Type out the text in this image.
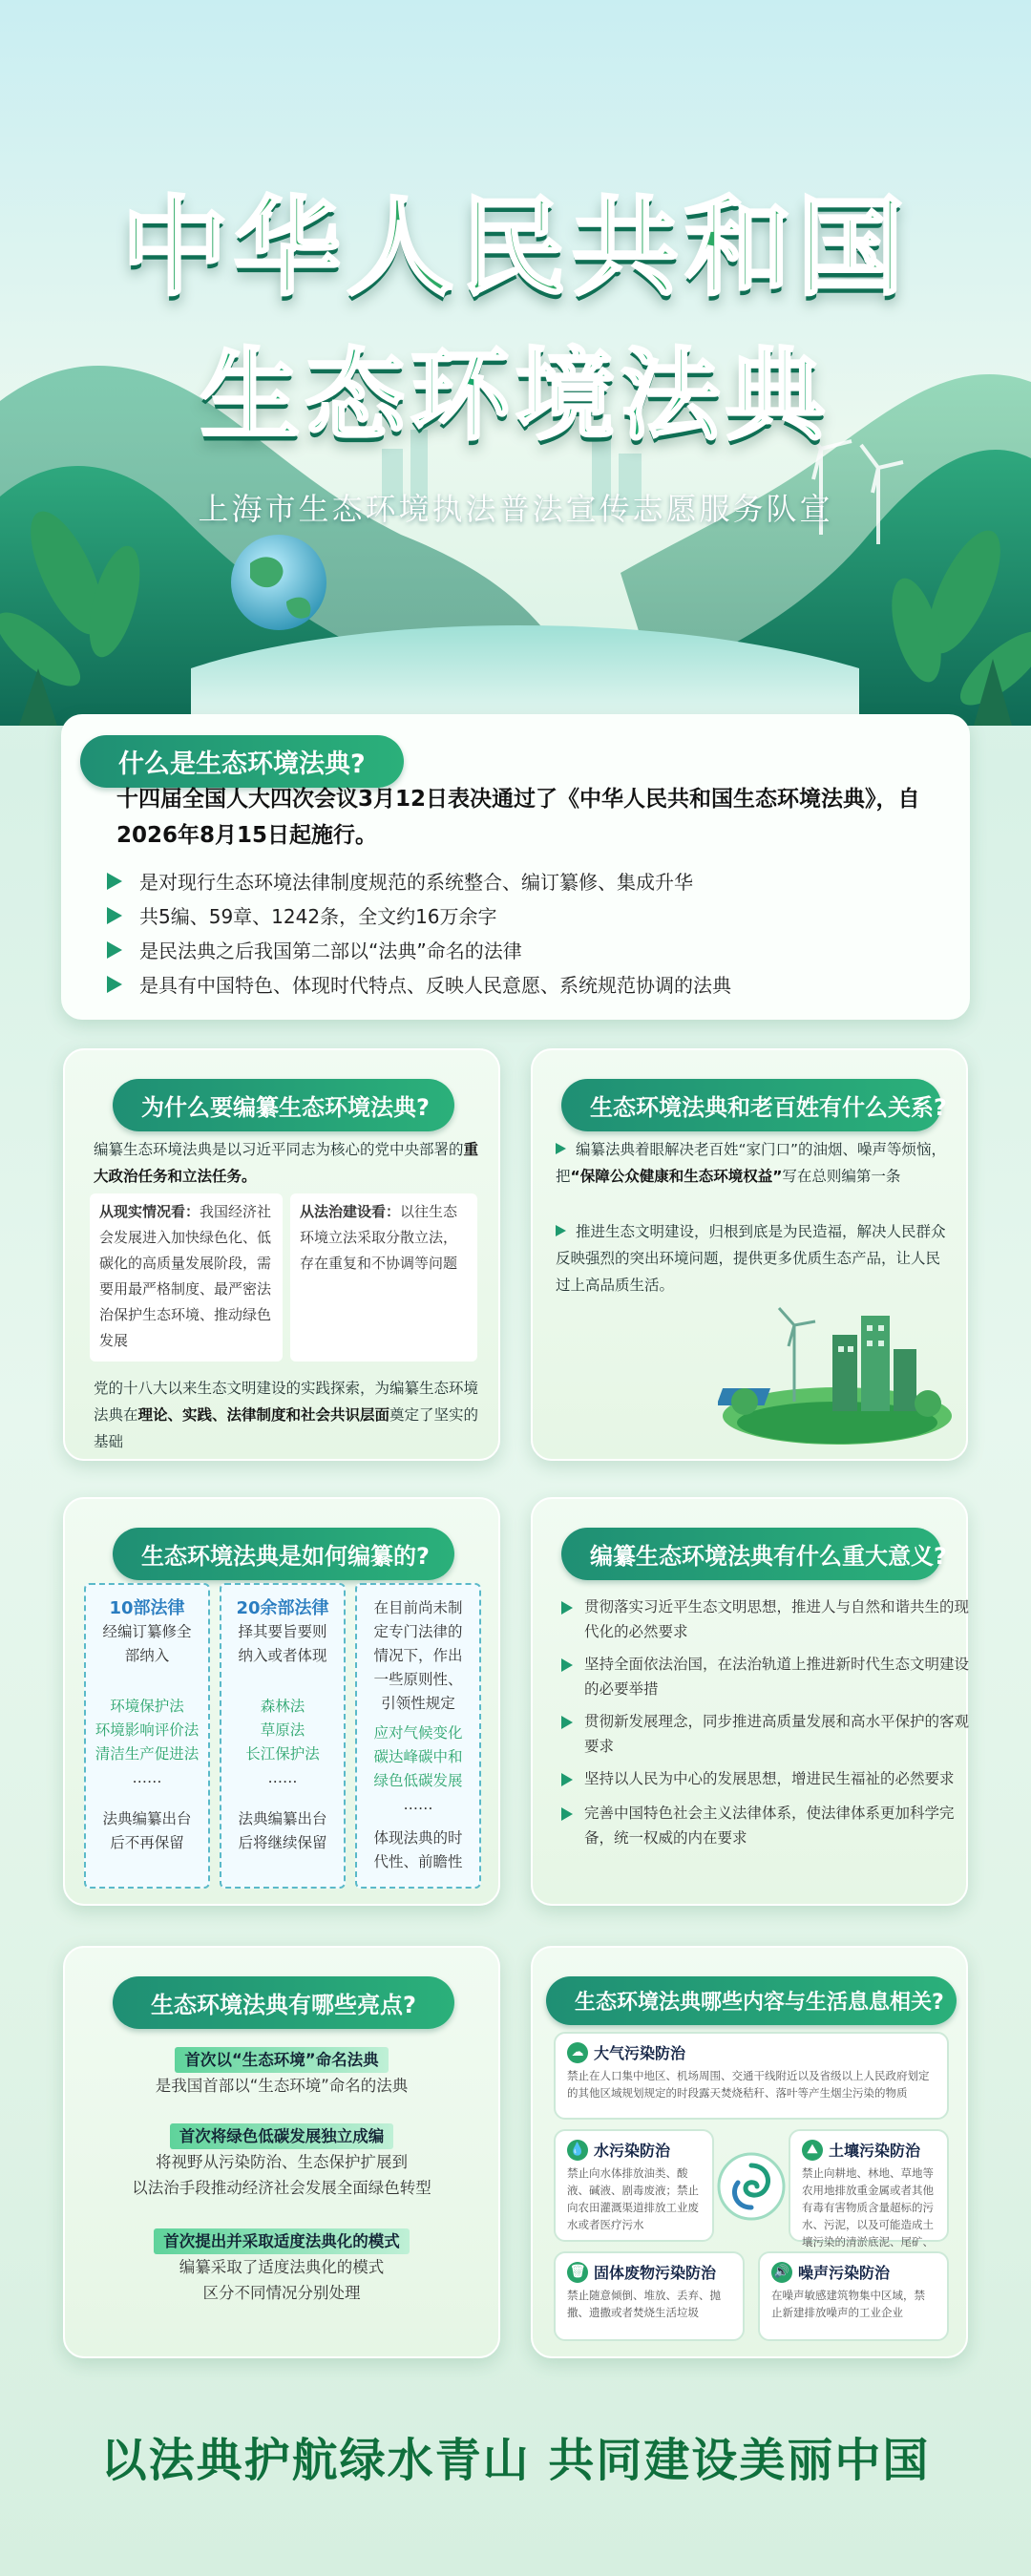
中华人民共和国
生态环境法典
上海市生态环境执法普法宣传志愿服务队宣
什么是生态环境法典?
十四届全国人大四次会议3月12日表决通过了《中华人民共和国生态环境法典》，自2026年8月15日起施行。
是对现行生态环境法律制度规范的系统整合、编订纂修、集成升华
共5编、59章、1242条，全文约16万余字
是民法典之后我国第二部以“法典”命名的法律
是具有中国特色、体现时代特点、反映人民意愿、系统规范协调的法典
为什么要编纂生态环境法典?
编纂生态环境法典是以习近平同志为核心的党中央部署的重大政治任务和立法任务。
从现实情况看：我国经济社会发展进入加快绿色化、低碳化的高质量发展阶段，需要用最严格制度、最严密法治保护生态环境、推动绿色发展
从法治建设看：以往生态环境立法采取分散立法，存在重复和不协调等问题
党的十八大以来生态文明建设的实践探索，为编纂生态环境法典在理论、实践、法律制度和社会共识层面奠定了坚实的基础
生态环境法典和老百姓有什么关系?
编纂法典着眼解决老百姓“家门口”的油烟、噪声等烦恼，把“保障公众健康和生态环境权益”写在总则编第一条
推进生态文明建设，归根到底是为民造福，解决人民群众反映强烈的突出环境问题，提供更多优质生态产品，让人民过上高品质生活。
生态环境法典是如何编纂的?
10部法律
经编订纂修全部纳入
环境保护法
环境影响评价法
清洁生产促进法
……
法典编纂出台后不再保留
20余部法律
择其要旨要则纳入或者体现
森林法
草原法
长江保护法
……
法典编纂出台后将继续保留
在目前尚未制定专门法律的情况下，作出一些原则性、引领性规定
应对气候变化
碳达峰碳中和
绿色低碳发展
……
体现法典的时代性、前瞻性
编纂生态环境法典有什么重大意义?
贯彻落实习近平生态文明思想，推进人与自然和谐共生的现代化的必然要求
坚持全面依法治国，在法治轨道上推进新时代生态文明建设的必要举措
贯彻新发展理念，同步推进高质量发展和高水平保护的客观要求
坚持以人民为中心的发展思想，增进民生福祉的必然要求
完善中国特色社会主义法律体系，使法律体系更加科学完备，统一权威的内在要求
生态环境法典有哪些亮点?
首次以“生态环境”命名法典
是我国首部以“生态环境”命名的法典
首次将绿色低碳发展独立成编
将视野从污染防治、生态保护扩展到
以法治手段推动经济社会发展全面绿色转型
首次提出并采取适度法典化的模式
编纂采取了适度法典化的模式
区分不同情况分别处理
生态环境法典哪些内容与生活息息相关?
☁ 大气污染防治
禁止在人口集中地区、机场周围、交通干线附近以及省级以上人民政府划定的其他区域规划规定的时段露天焚烧秸秆、落叶等产生烟尘污染的物质
💧 水污染防治
禁止向水体排放油类、酸液、碱液、剧毒废液；禁止向农田灌溉渠道排放工业废水或者医疗污水
⛰ 土壤污染防治
禁止向耕地、林地、草地等农用地排放重金属或者其他有毒有害物质含量超标的污水、污泥，以及可能造成土壤污染的清淤底泥、尾矿、
🗑 固体废物污染防治
禁止随意倾倒、堆放、丢弃、抛撒、遗撒或者焚烧生活垃圾
🔊 噪声污染防治
在噪声敏感建筑物集中区域，禁止新建排放噪声的工业企业
以法典护航绿水青山 共同建设美丽中国
